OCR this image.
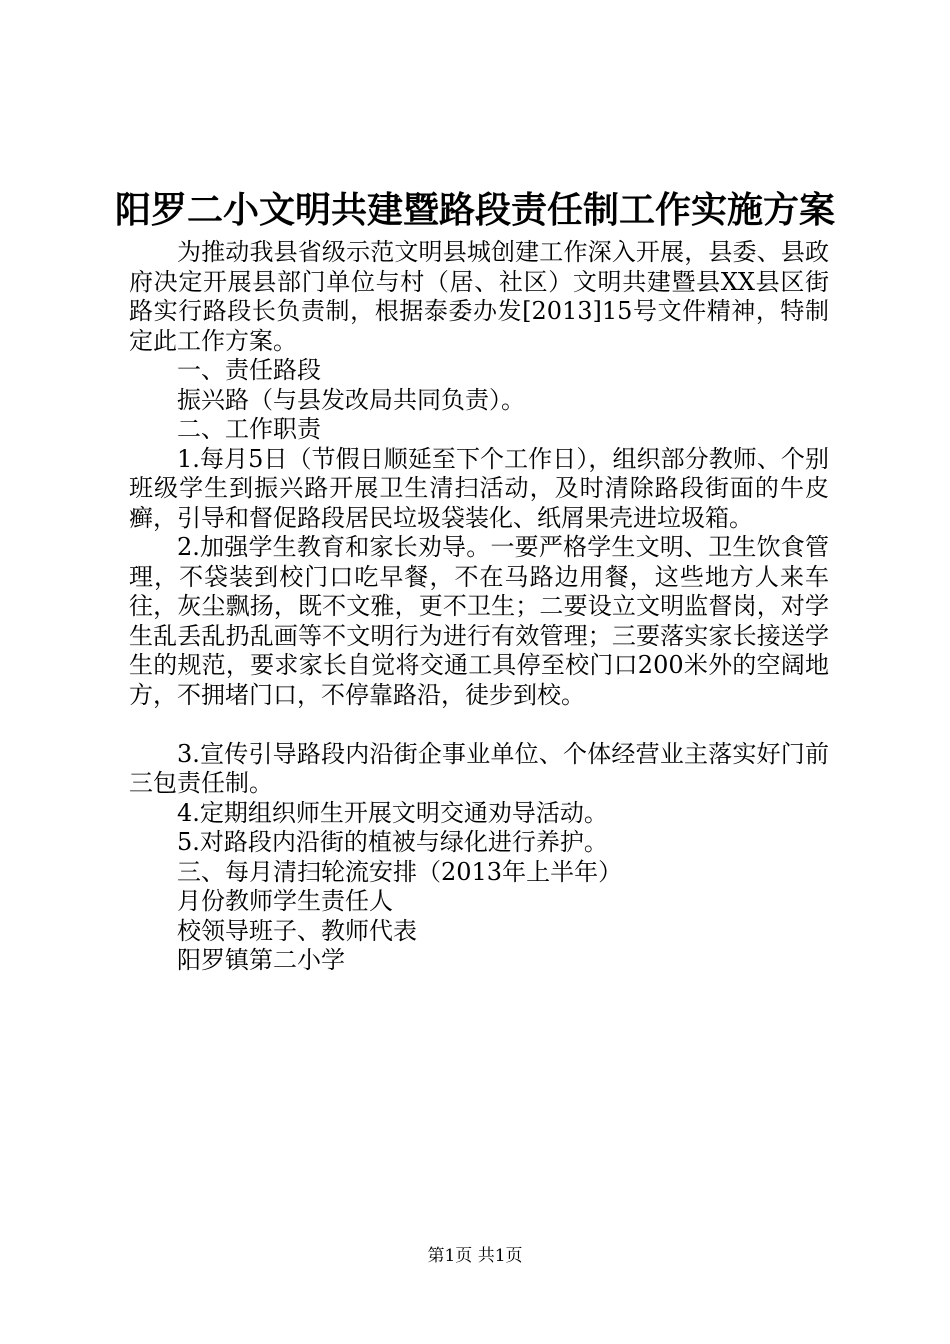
阳罗二小文明共建暨路段责任制工作实施方案

为推动我县省级示范文明县城创建工作深入开展，县委、县政府决定开展县部门单位与村（居、社区）文明共建暨县XX县区街路实行路段长负责制，根据泰委办发[2013]15号文件精神，特制定此工作方案。

一、责任路段

振兴路（与县发改局共同负责）。

二、工作职责

1.每月5日（节假日顺延至下个工作日），组织部分教师、个别班级学生到振兴路开展卫生清扫活动，及时清除路段街面的牛皮癣，引导和督促路段居民垃圾袋装化、纸屑果壳进垃圾箱。

2.加强学生教育和家长劝导。一要严格学生文明、卫生饮食管理，不袋装到校门口吃早餐，不在马路边用餐，这些地方人来车往，灰尘飘扬，既不文雅，更不卫生；二要设立文明监督岗，对学生乱丢乱扔乱画等不文明行为进行有效管理；三要落实家长接送学生的规范，要求家长自觉将交通工具停至校门口200米外的空阔地方，不拥堵门口，不停靠路沿，徒步到校。

3.宣传引导路段内沿街企事业单位、个体经营业主落实好门前三包责任制。

4.定期组织师生开展文明交通劝导活动。

5.对路段内沿街的植被与绿化进行养护。

三、每月清扫轮流安排（2013年上半年）

月份教师学生责任人

校领导班子、教师代表

阳罗镇第二小学

第1页 共1页
